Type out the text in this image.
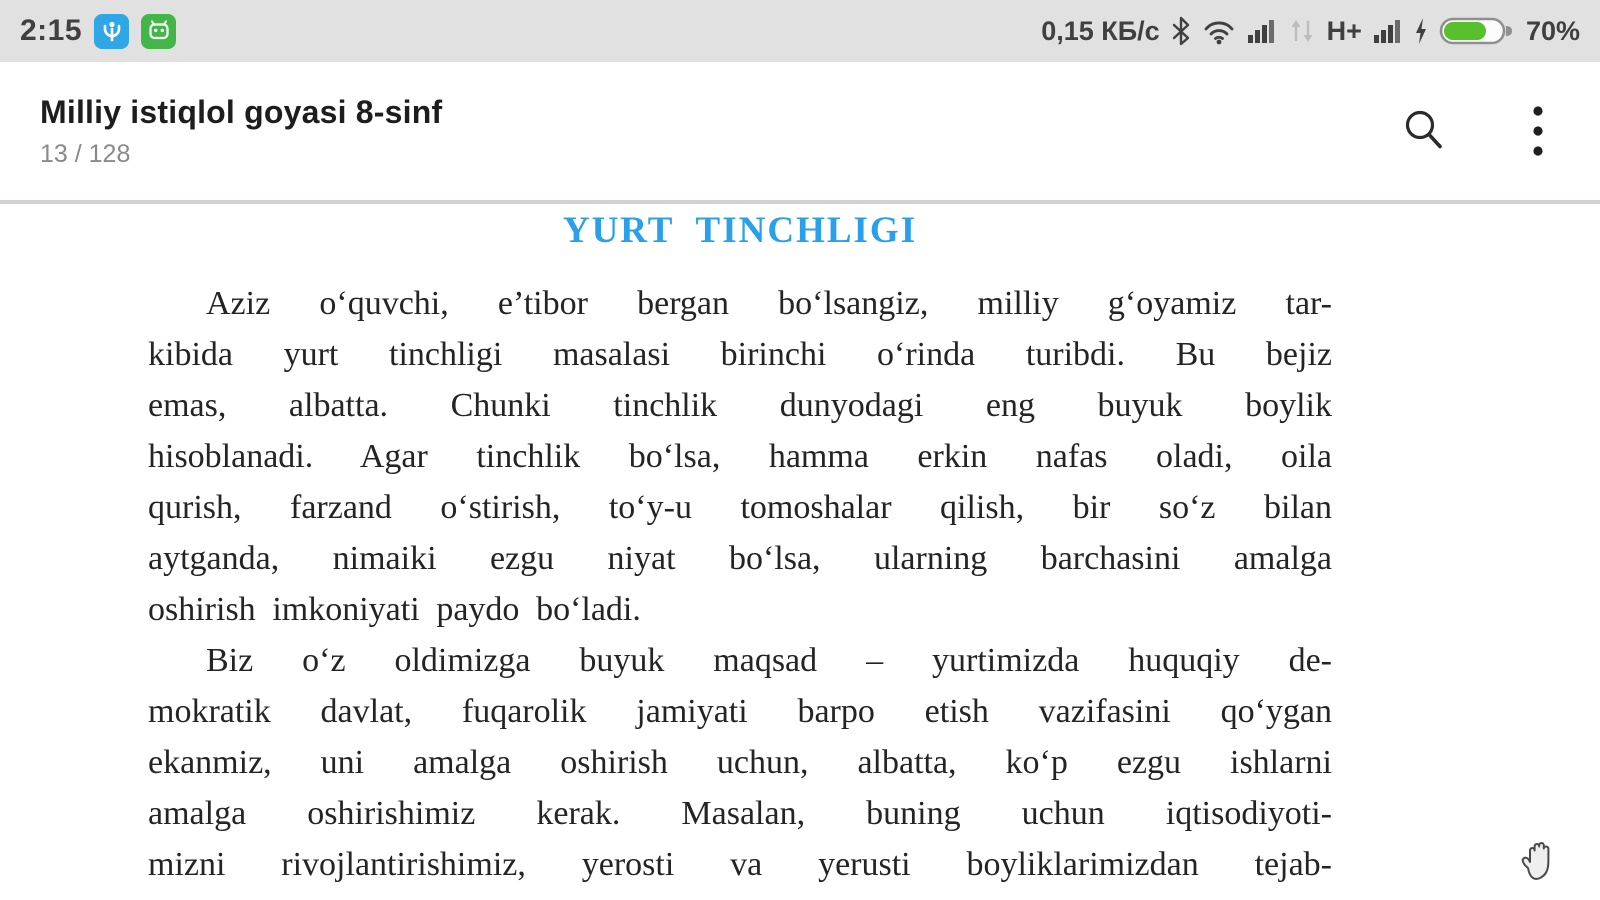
2:15	0,15 КБ/с	H+	70%
Milliy istiqlol goyasi 8-sinf
13 / 128
YURT  TINCHLIGI
Aziz o‘quvchi, e’tibor bergan bo‘lsangiz, milliy g‘oyamiz tar-
kibida yurt tinchligi masalasi birinchi o‘rinda turibdi. Bu bejiz
emas, albatta. Chunki tinchlik dunyodagi eng buyuk boylik
hisoblanadi. Agar tinchlik bo‘lsa, hamma erkin nafas oladi, oila
qurish, farzand o‘stirish, to‘y-u tomoshalar qilish, bir so‘z bilan
aytganda, nimaiki ezgu niyat bo‘lsa, ularning barchasini amalga
oshirish imkoniyati paydo bo‘ladi.
Biz o‘z oldimizga buyuk maqsad – yurtimizda huquqiy de-
mokratik davlat, fuqarolik jamiyati barpo etish vazifasini qo‘ygan
ekanmiz, uni amalga oshirish uchun, albatta, ko‘p ezgu ishlarni
amalga oshirishimiz kerak. Masalan, buning uchun iqtisodiyoti-
mizni rivojlantirishimiz, yerosti va yerusti boyliklarimizdan tejab-
